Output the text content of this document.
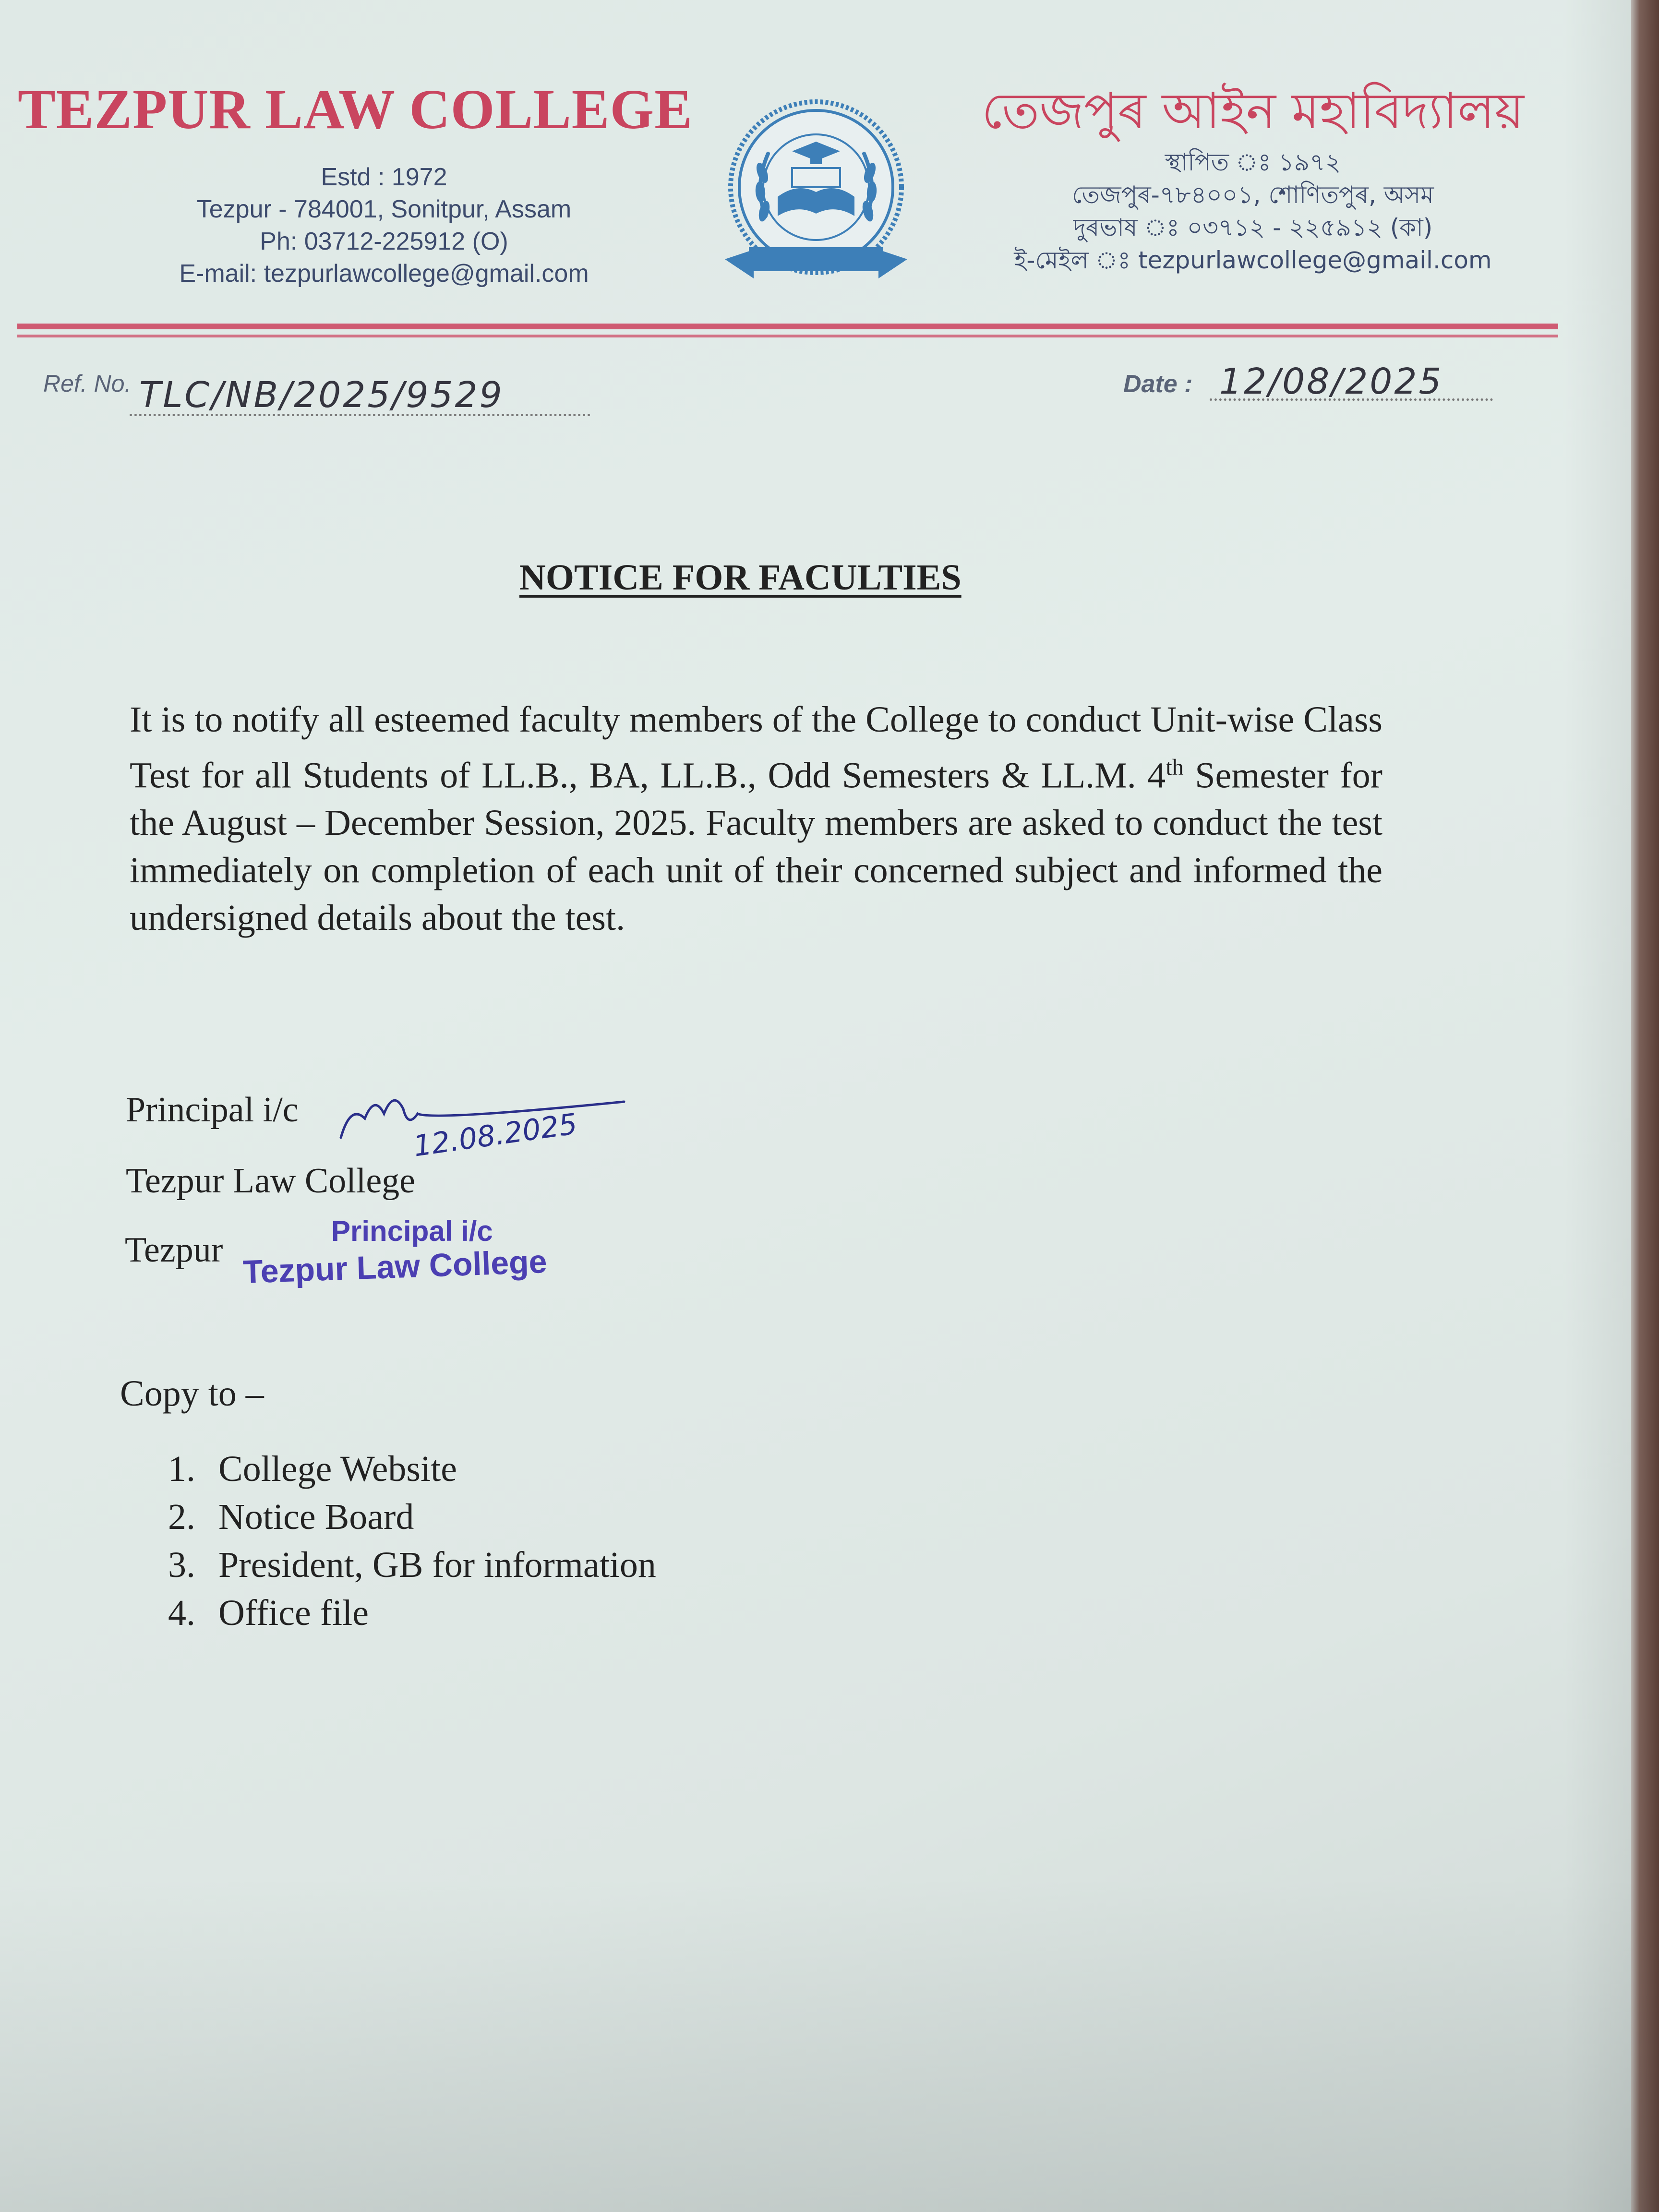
TEZPUR LAW COLLEGE
Estd : 1972
Tezpur - 784001, Sonitpur, Assam
Ph: 03712-225912 (O)
E-mail: tezpurlawcollege@gmail.com
তেজপুৰ আইন মহাবিদ্যালয়
স্থাপিত ঃ ১৯৭২
তেজপুৰ-৭৮৪০০১, শোণিতপুৰ, অসম
দুৰভাষ ঃ ০৩৭১২ - ২২৫৯১২ (কা)
ই-মেইল ঃ tezpurlawcollege@gmail.com
Ref. No. TLC/NB/2025/9529	Date : 12/08/2025
NOTICE FOR FACULTIES
It is to notify all esteemed faculty members of the College to conduct Unit-wise Class Test for all Students of LL.B., BA, LL.B., Odd Semesters & LL.M. 4th Semester for the August – December Session, 2025. Faculty members are asked to conduct the test immediately on completion of each unit of their concerned subject and informed the undersigned details about the test.
Principal i/c
Tezpur Law College
Tezpur
12.08.2025
Principal i/c
Tezpur Law College
Copy to –
1. College Website
2. Notice Board
3. President, GB for information
4. Office file
